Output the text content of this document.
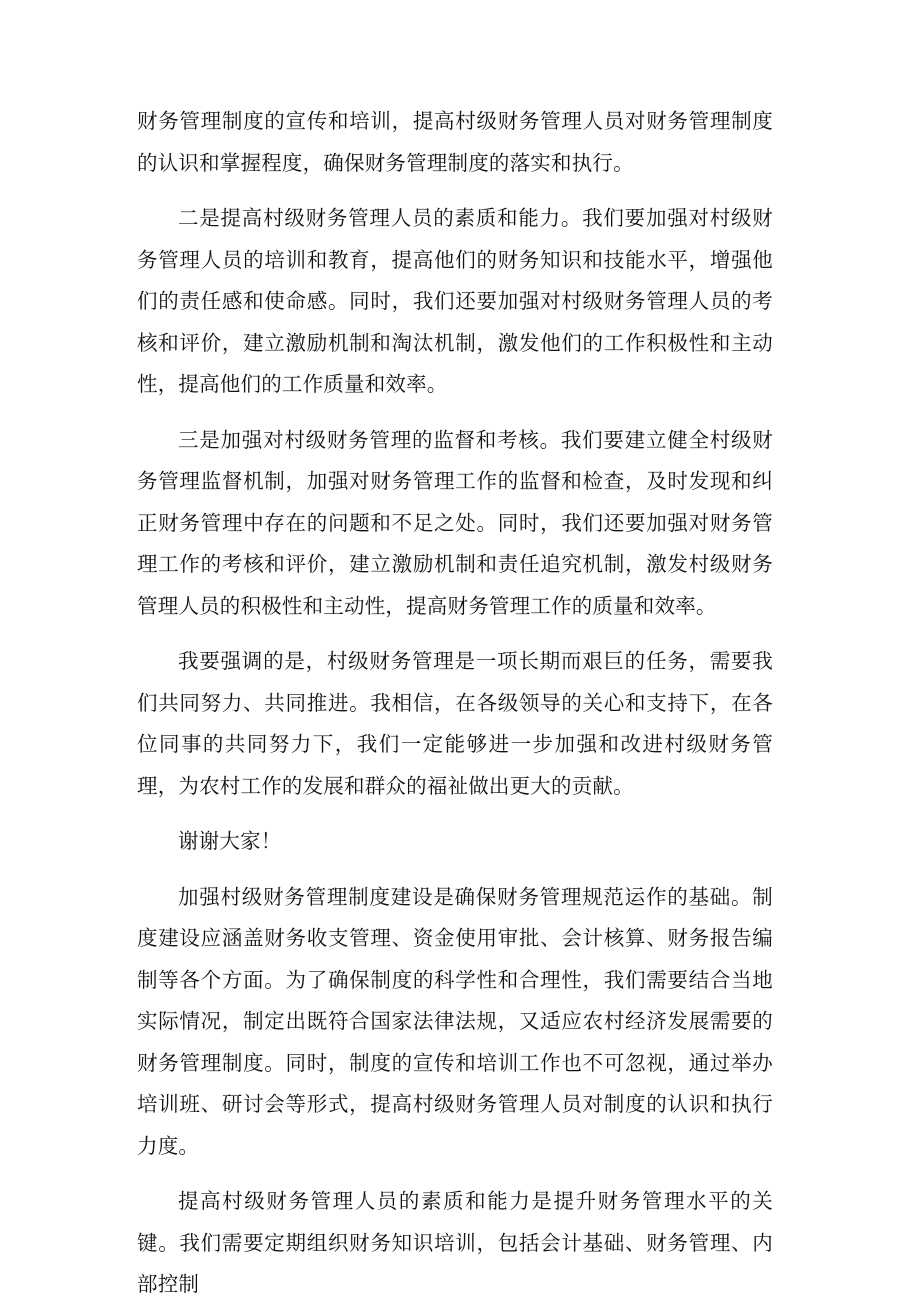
财务管理制度的宣传和培训，提高村级财务管理人员对财务管理制度的认识和掌握程度，确保财务管理制度的落实和执行。

二是提高村级财务管理人员的素质和能力。我们要加强对村级财务管理人员的培训和教育，提高他们的财务知识和技能水平，增强他们的责任感和使命感。同时，我们还要加强对村级财务管理人员的考核和评价，建立激励机制和淘汰机制，激发他们的工作积极性和主动性，提高他们的工作质量和效率。

三是加强对村级财务管理的监督和考核。我们要建立健全村级财务管理监督机制，加强对财务管理工作的监督和检查，及时发现和纠正财务管理中存在的问题和不足之处。同时，我们还要加强对财务管理工作的考核和评价，建立激励机制和责任追究机制，激发村级财务管理人员的积极性和主动性，提高财务管理工作的质量和效率。

我要强调的是，村级财务管理是一项长期而艰巨的任务，需要我们共同努力、共同推进。我相信，在各级领导的关心和支持下，在各位同事的共同努力下，我们一定能够进一步加强和改进村级财务管理，为农村工作的发展和群众的福祉做出更大的贡献。

谢谢大家！

加强村级财务管理制度建设是确保财务管理规范运作的基础。制度建设应涵盖财务收支管理、资金使用审批、会计核算、财务报告编制等各个方面。为了确保制度的科学性和合理性，我们需要结合当地实际情况，制定出既符合国家法律法规，又适应农村经济发展需要的财务管理制度。同时，制度的宣传和培训工作也不可忽视，通过举办培训班、研讨会等形式，提高村级财务管理人员对制度的认识和执行力度。

提高村级财务管理人员的素质和能力是提升财务管理水平的关键。我们需要定期组织财务知识培训，包括会计基础、财务管理、内部控制
